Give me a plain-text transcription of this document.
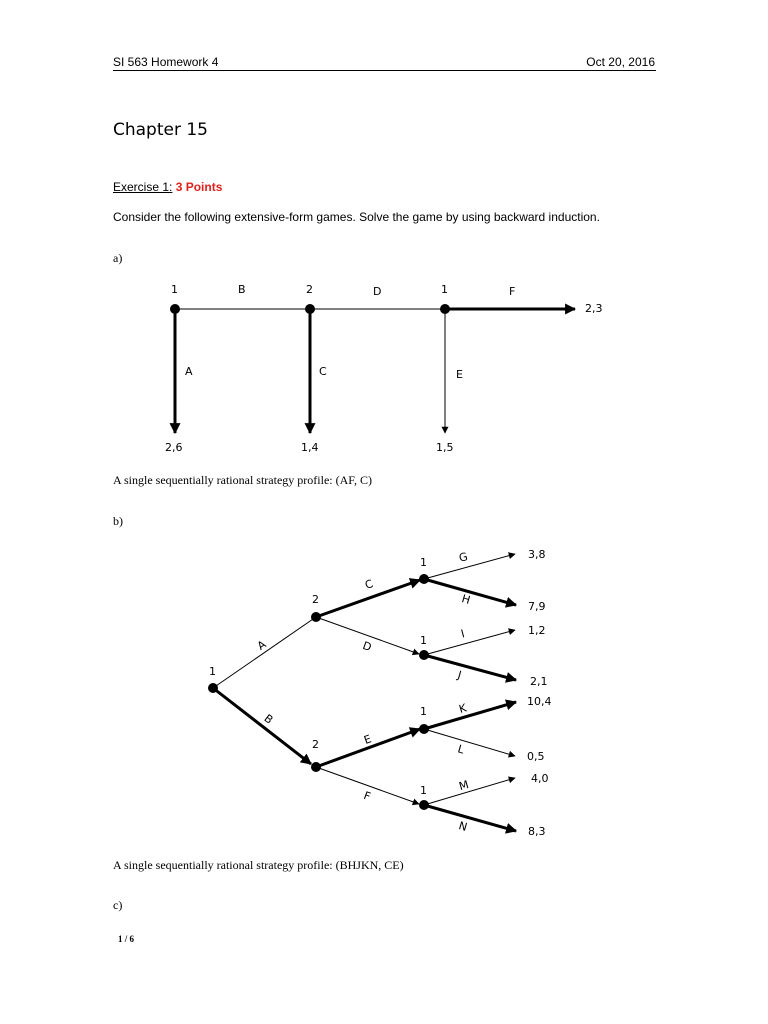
SI 563 Homework 4	Oct 20, 2016
Chapter 15
Exercise 1: 3 Points
Consider the following extensive-form games. Solve the game by using backward induction.
a)
1	2	1
B	D	F
A	C	E
2,3
2,6	1,4	1,5
A single sequentially rational strategy profile: (AF, C)
b)
1
2
2
1
1
1
1
A
B
C
D
E
F
G
H
I
J
K
L
M
N
3,8
7,9
1,2
2,1
10,4
0,5
4,0
8,3
A single sequentially rational strategy profile: (BHJKN, CE)
c)
1 / 6
